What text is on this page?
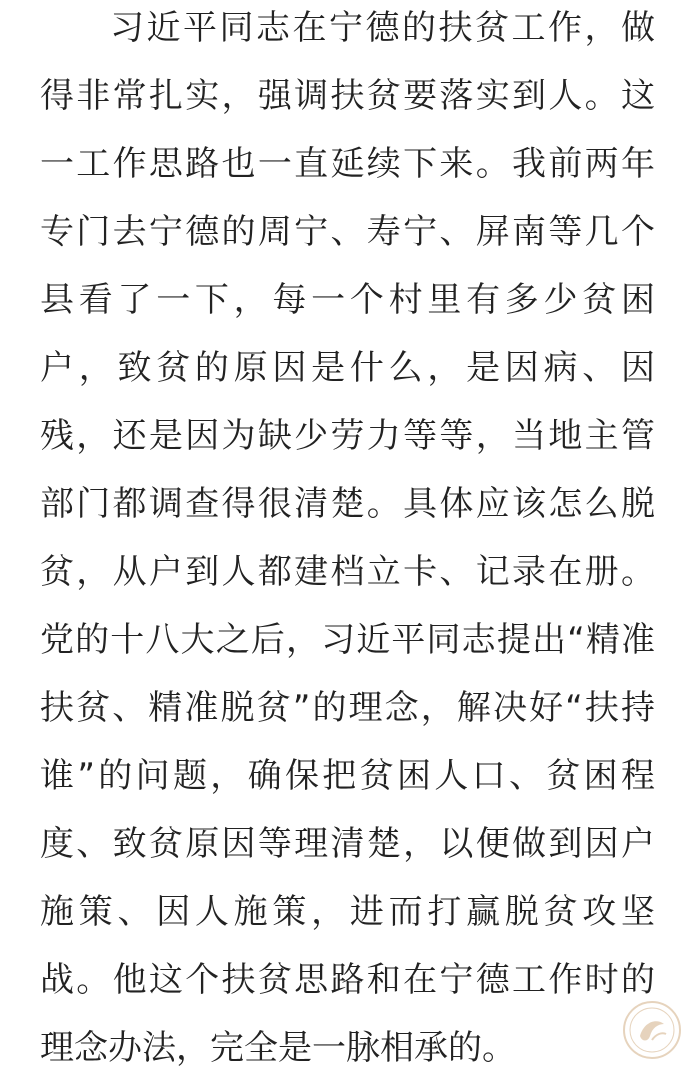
习近平同志在宁德的扶贫工作，做
得非常扎实，强调扶贫要落实到人。这
一工作思路也一直延续下来。我前两年
专门去宁德的周宁、寿宁、屏南等几个
县看了一下，每一个村里有多少贫困
户，致贫的原因是什么，是因病、因
残，还是因为缺少劳力等等，当地主管
部门都调查得很清楚。具体应该怎么脱
贫，从户到人都建档立卡、记录在册。
党的十八大之后，习近平同志提出“精准
扶贫、精准脱贫”的理念，解决好“扶持
谁”的问题，确保把贫困人口、贫困程
度、致贫原因等理清楚，以便做到因户
施策、因人施策，进而打赢脱贫攻坚
战。他这个扶贫思路和在宁德工作时的
理念办法，完全是一脉相承的。
